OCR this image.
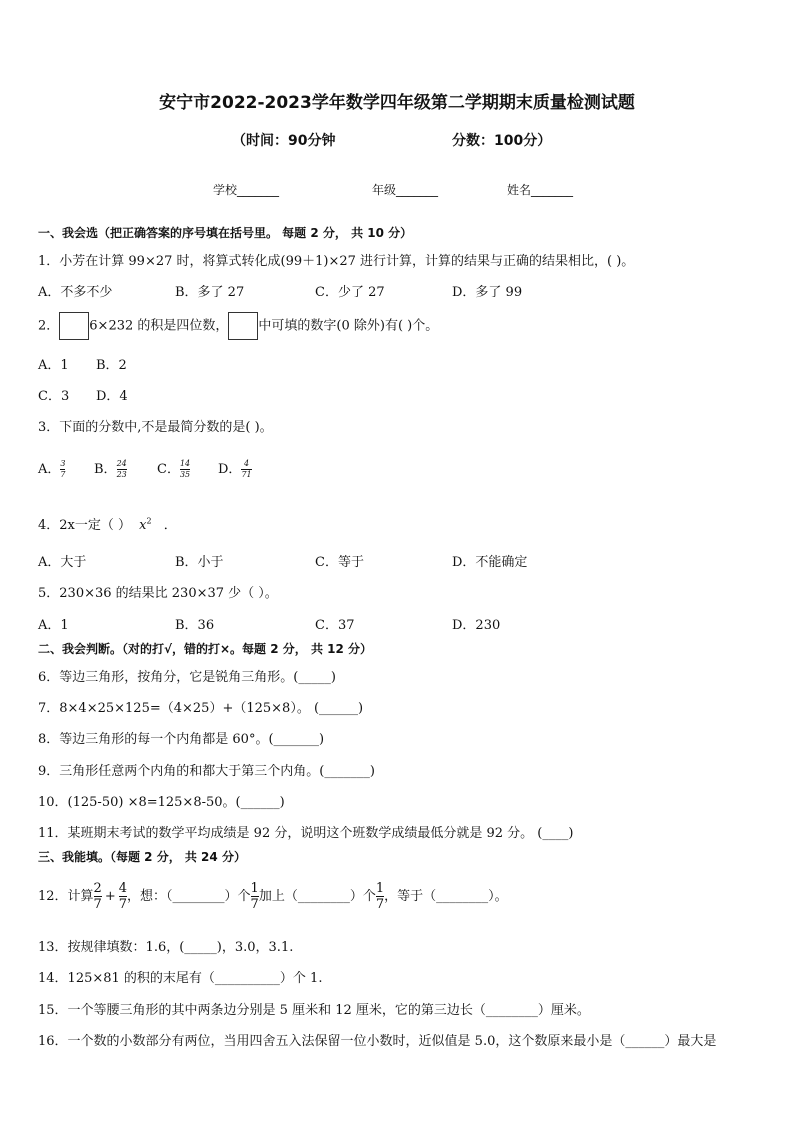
安宁市2022-2023学年数学四年级第二学期期末质量检测试题
（时间：90分钟	分数：100分）
学校_______	年级_______	姓名_______
一、我会选（把正确答案的序号填在括号里。 每题 2 分， 共 10 分）
1．小芳在计算 99×27 时，将算式转化成(99＋1)×27 进行计算，计算的结果与正确的结果相比，( )。
A．不多不少	B．多了 27	C．少了 27	D．多了 99
2． 6×232 的积是四位数， 中可填的数字(0 除外)有( )个。
A．1 B．2
C．3 D．4
3．下面的分数中,不是最简分数的是( )。
A． $\frac{3}{7}$ B． $\frac{24}{23}$ C． $\frac{14}{35}$ D． $\frac{4}{71}$
4．2x一定（ ） $x^2$ ．
A．大于	B．小于	C．等于	D．不能确定
5．230×36 的结果比 230×37 少（ ）。
A．1	B．36	C．37	D．230
二、我会判断。（对的打√，错的打×。每题 2 分， 共 12 分）
6．等边三角形，按角分，它是锐角三角形。(_____)
7．8×4×25×125=（4×25）+（125×8）。 (______)
8．等边三角形的每一个内角都是 60°。(_______)
9．三角形任意两个内角的和都大于第三个内角。(_______)
10．(125-50) ×8=125×8-50。(______)
11．某班期末考试的数学平均成绩是 92 分，说明这个班数学成绩最低分就是 92 分。 (____)
三、我能填。（每题 2 分， 共 24 分）
12．计算 $\frac{2}{7} + \frac{4}{7}$ ，想：（________）个 $\frac{1}{7}$ 加上（________）个 $\frac{1}{7}$ ，等于（________）。
13．按规律填数：1.6，(_____)，3.0，3.1.
14．125×81 的积的末尾有（__________）个 1.
15．一个等腰三角形的其中两条边分别是 5 厘米和 12 厘米，它的第三边长（________）厘米。
16．一个数的小数部分有两位，当用四舍五入法保留一位小数时，近似值是 5.0，这个数原来最小是（______）最大是
